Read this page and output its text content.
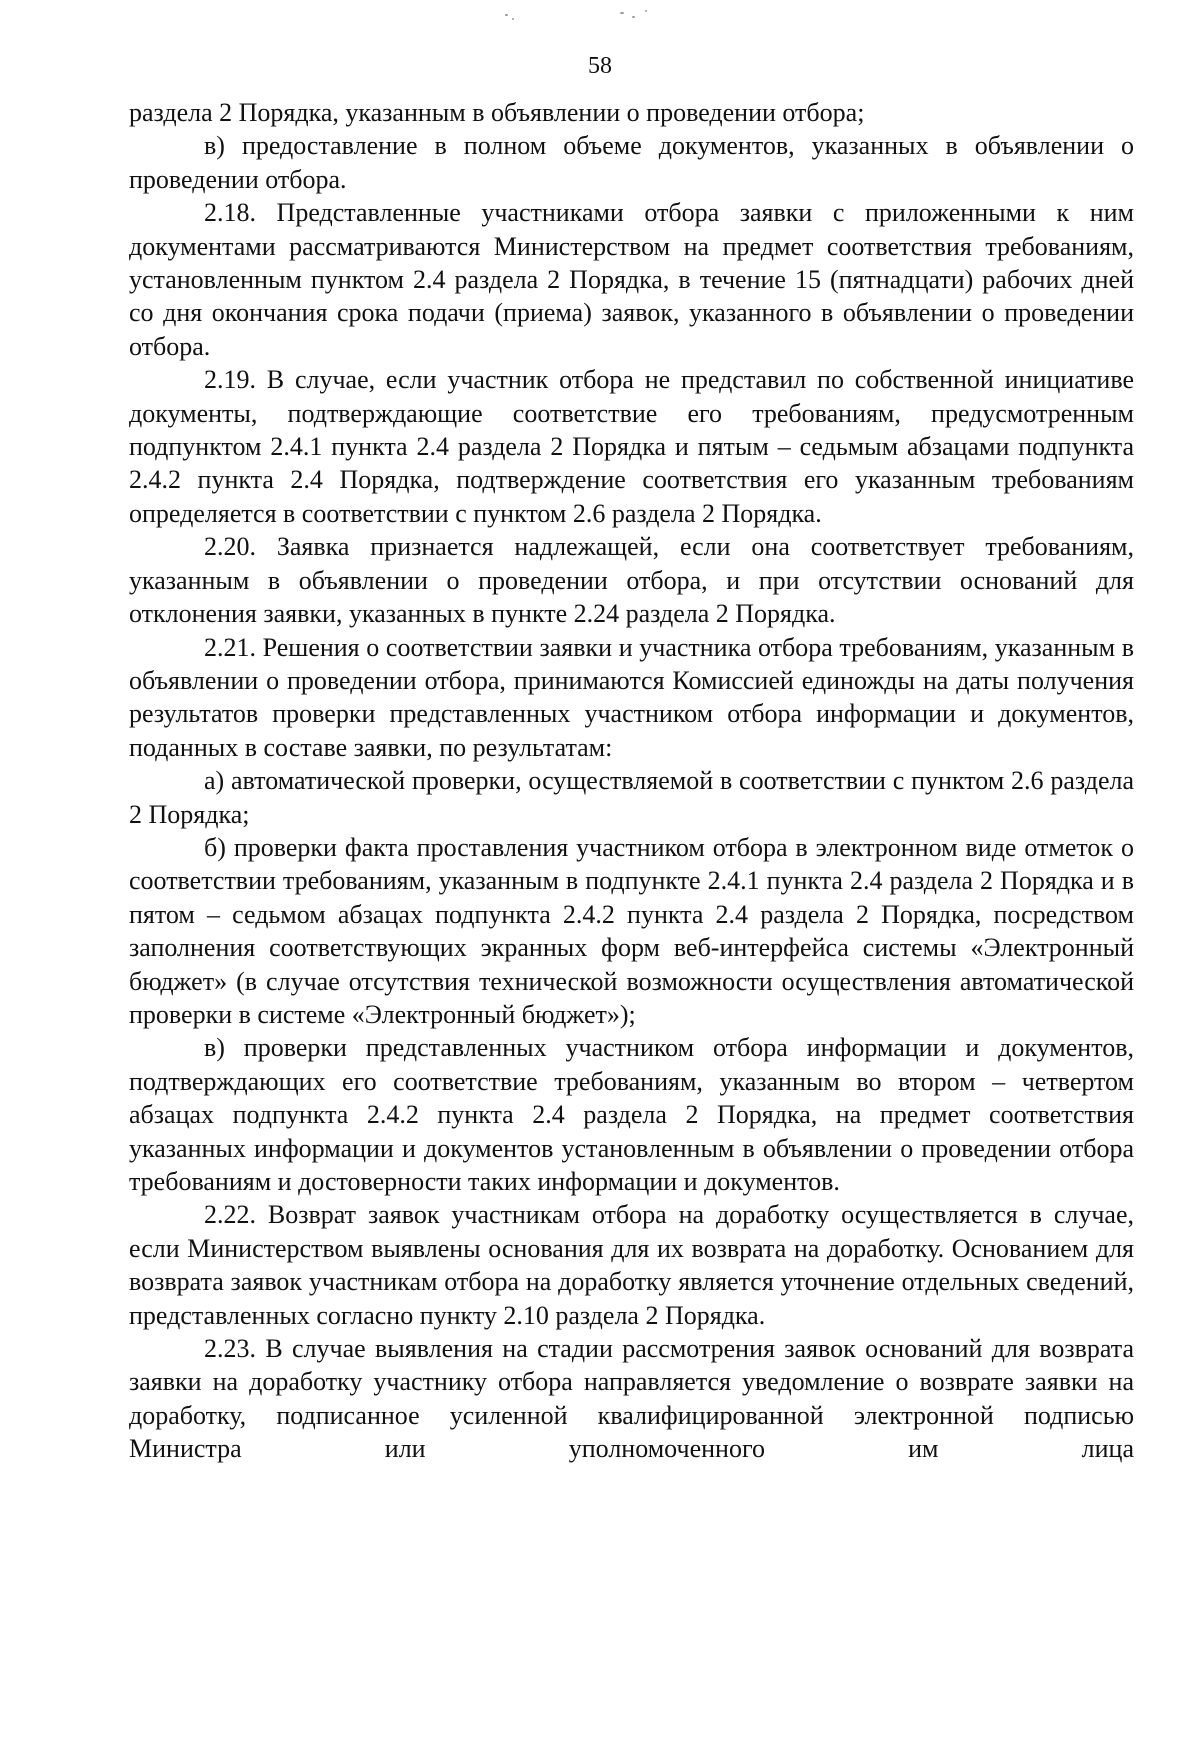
58

раздела 2 Порядка, указанным в объявлении о проведении отбора;

в) предоставление в полном объеме документов, указанных в объявлении о проведении отбора.

2.18. Представленные участниками отбора заявки с приложенными к ним документами рассматриваются Министерством на предмет соответствия требованиям, установленным пунктом 2.4 раздела 2 Порядка, в течение 15 (пятнадцати) рабочих дней со дня окончания срока подачи (приема) заявок, указанного в объявлении о проведении отбора.

2.19. В случае, если участник отбора не представил по собственной инициативе документы, подтверждающие соответствие его требованиям, предусмотренным подпунктом 2.4.1 пункта 2.4 раздела 2 Порядка и пятым – седьмым абзацами подпункта 2.4.2 пункта 2.4 Порядка, подтверждение соответствия его указанным требованиям определяется в соответствии с пунктом 2.6 раздела 2 Порядка.

2.20. Заявка признается надлежащей, если она соответствует требованиям, указанным в объявлении о проведении отбора, и при отсутствии оснований для отклонения заявки, указанных в пункте 2.24 раздела 2 Порядка.

2.21. Решения о соответствии заявки и участника отбора требованиям, указанным в объявлении о проведении отбора, принимаются Комиссией единожды на даты получения результатов проверки представленных участником отбора информации и документов, поданных в составе заявки, по результатам:

а) автоматической проверки, осуществляемой в соответствии с пунктом 2.6 раздела 2 Порядка;

б) проверки факта проставления участником отбора в электронном виде отметок о соответствии требованиям, указанным в подпункте 2.4.1 пункта 2.4 раздела 2 Порядка и в пятом – седьмом абзацах подпункта 2.4.2 пункта 2.4 раздела 2 Порядка, посредством заполнения соответствующих экранных форм веб-интерфейса системы «Электронный бюджет» (в случае отсутствия технической возможности осуществления автоматической проверки в системе «Электронный бюджет»);

в) проверки представленных участником отбора информации и документов, подтверждающих его соответствие требованиям, указанным во втором – четвертом абзацах подпункта 2.4.2 пункта 2.4 раздела 2 Порядка, на предмет соответствия указанных информации и документов установленным в объявлении о проведении отбора требованиям и достоверности таких информации и документов.

2.22. Возврат заявок участникам отбора на доработку осуществляется в случае, если Министерством выявлены основания для их возврата на доработку. Основанием для возврата заявок участникам отбора на доработку является уточнение отдельных сведений, представленных согласно пункту 2.10 раздела 2 Порядка.

2.23. В случае выявления на стадии рассмотрения заявок оснований для возврата заявки на доработку участнику отбора направляется уведомление о возврате заявки на доработку, подписанное усиленной квалифицированной электронной подписью Министра или уполномоченного им лица
